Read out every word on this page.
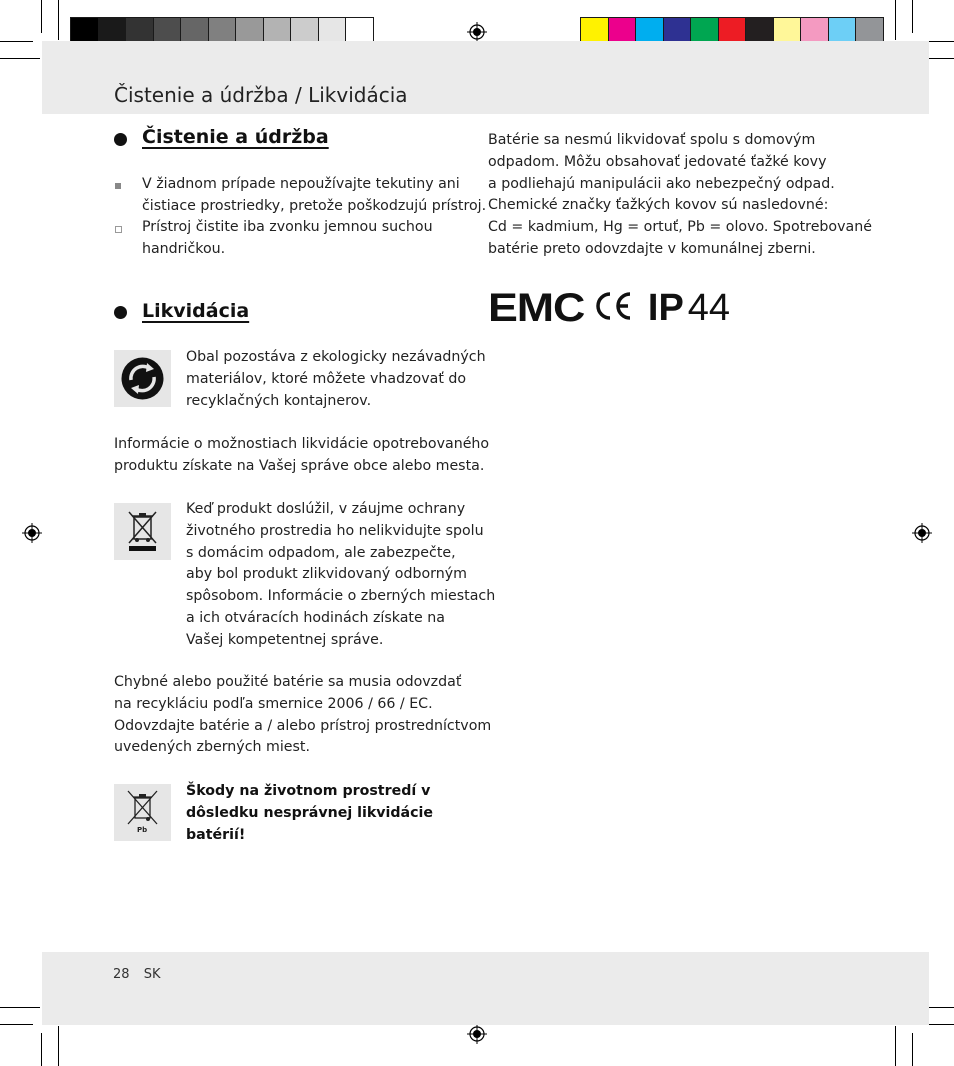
Čistenie a údržba / Likvidácia
Čistenie a údržba
V žiadnom prípade nepoužívajte tekutiny ani
čistiace prostriedky, pretože poškodzujú prístroj.
Prístroj čistite iba zvonku jemnou suchou
handričkou.
Likvidácia
Obal pozostáva z ekologicky nezávadných
materiálov, ktoré môžete vhadzovať do
recyklačných kontajnerov.
Informácie o možnostiach likvidácie opotrebovaného
produktu získate na Vašej správe obce alebo mesta.
Keď produkt doslúžil, v záujme ochrany
životného prostredia ho nelikvidujte spolu
s domácim odpadom, ale zabezpečte,
aby bol produkt zlikvidovaný odborným
spôsobom. Informácie o zberných miestach
a ich otváracích hodinách získate na
Vašej kompetentnej správe.
Chybné alebo použité batérie sa musia odovzdať
na recykláciu podľa smernice 2006 / 66 / EC.
Odovzdajte batérie a / alebo prístroj prostredníctvom
uvedených zberných miest.
Pb
Škody na životnom prostredí v
dôsledku nesprávnej likvidácie
batérií!
Batérie sa nesmú likvidovať spolu s domovým
odpadom. Môžu obsahovať jedovaté ťažké kovy
a podliehajú manipulácii ako nebezpečný odpad.
Chemické značky ťažkých kovov sú nasledovné:
Cd = kadmium, Hg = ortuť, Pb = olovo. Spotrebované
batérie preto odovzdajte v komunálnej zberni.
EMC IP 44
28 SK
